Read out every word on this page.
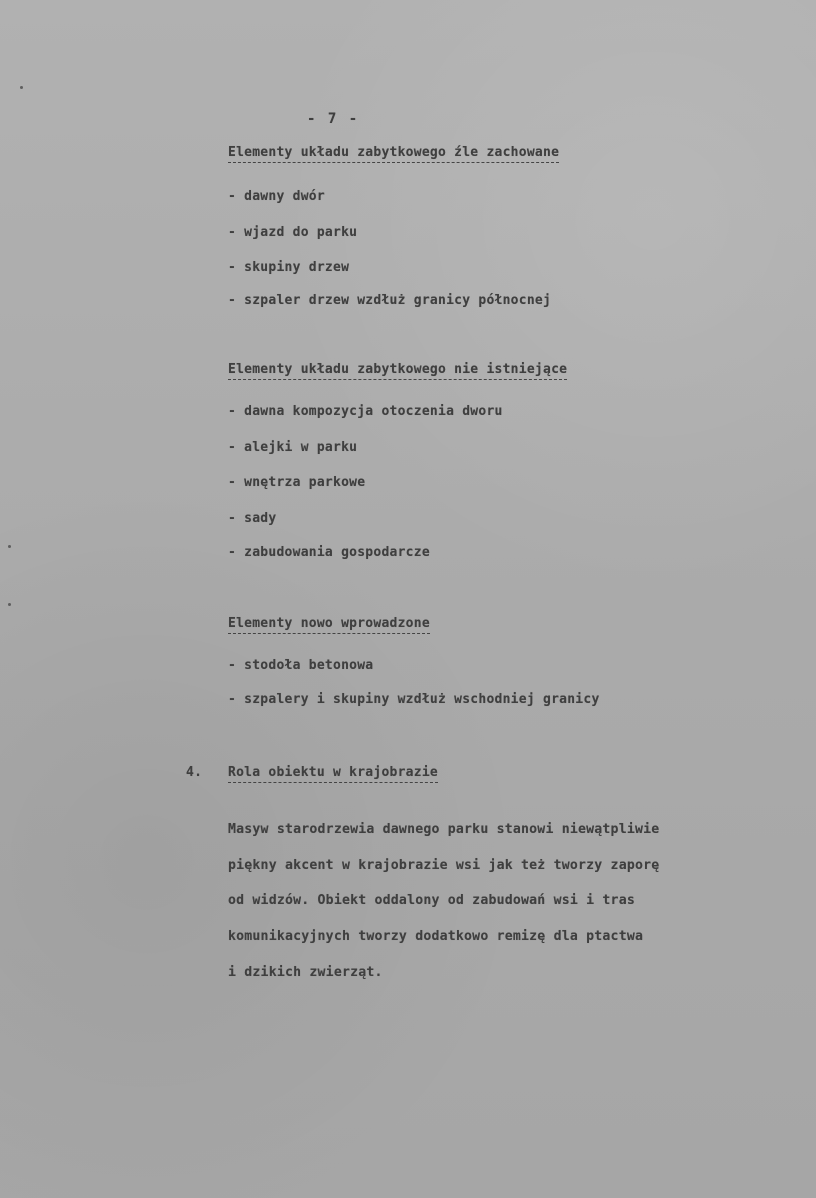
- 7 -
Elementy układu zabytkowego źle zachowane
- dawny dwór
- wjazd do parku
- skupiny drzew
- szpaler drzew wzdłuż granicy północnej
Elementy układu zabytkowego nie istniejące
- dawna kompozycja otoczenia dworu
- alejki w parku
- wnętrza parkowe
- sady
- zabudowania gospodarcze
Elementy nowo wprowadzone
- stodoła betonowa
- szpalery i skupiny wzdłuż wschodniej granicy
4. Rola obiektu w krajobrazie
Masyw starodrzewia dawnego parku stanowi niewątpliwie
piękny akcent w krajobrazie wsi jak też tworzy zaporę
od widzów. Obiekt oddalony od zabudowań wsi i tras
komunikacyjnych tworzy dodatkowo remizę dla ptactwa
i dzikich zwierząt.
